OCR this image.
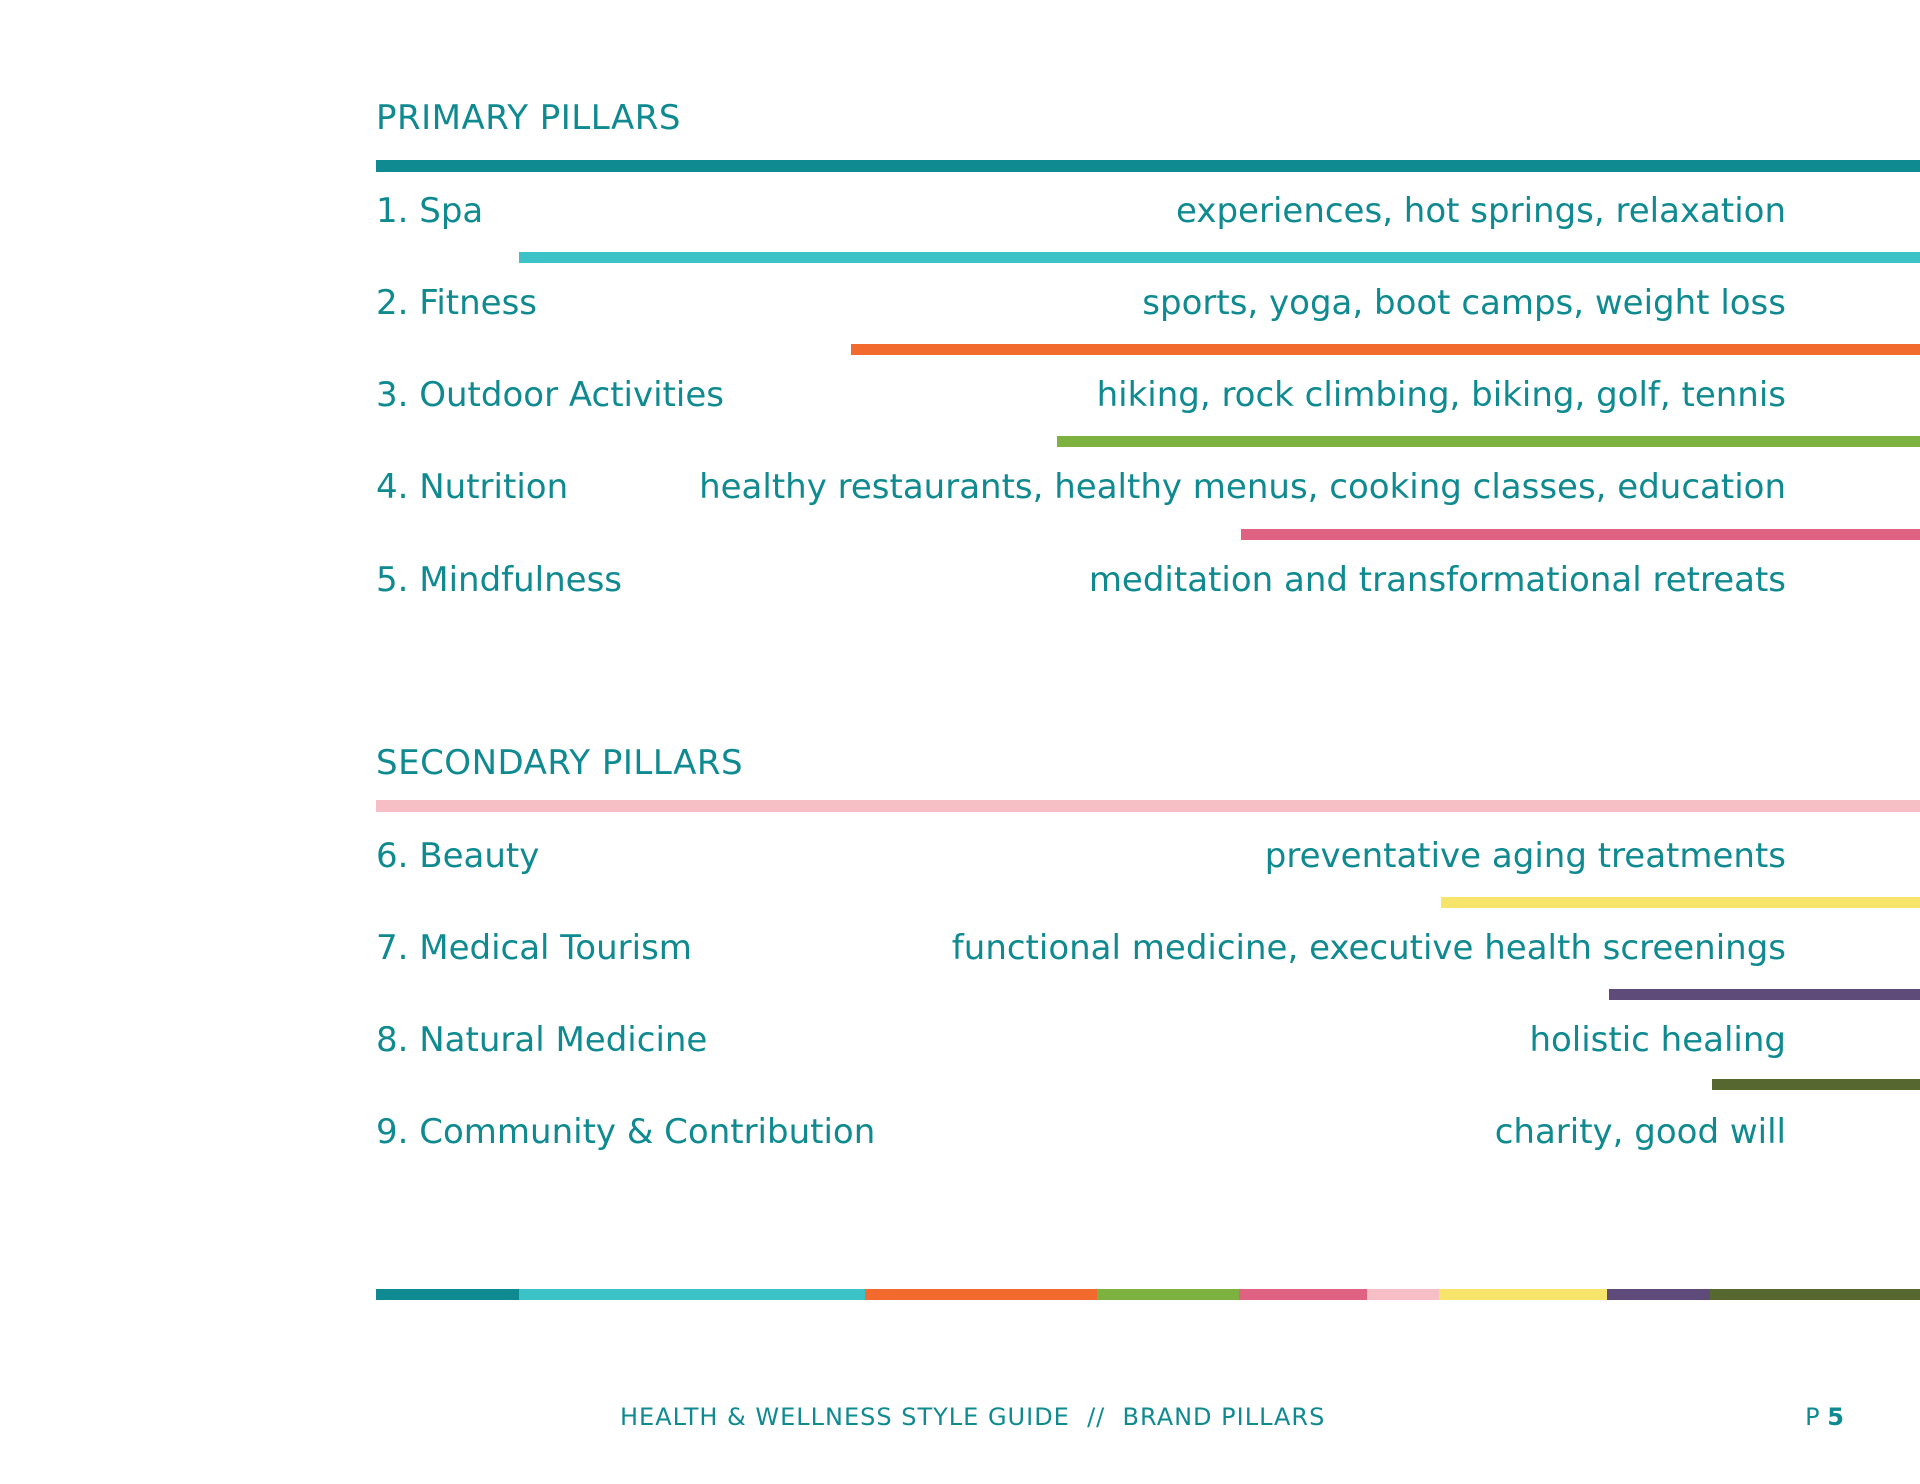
PRIMARY PILLARS
1. Spa	experiences, hot springs, relaxation
2. Fitness	sports, yoga, boot camps, weight loss
3. Outdoor Activities	hiking, rock climbing, biking, golf, tennis
4. Nutrition	healthy restaurants, healthy menus, cooking classes, education
5. Mindfulness	meditation and transformational retreats
SECONDARY PILLARS
6. Beauty	preventative aging treatments
7. Medical Tourism	functional medicine, executive health screenings
8. Natural Medicine	holistic healing
9. Community & Contribution	charity, good will
HEALTH & WELLNESS STYLE GUIDE  //  BRAND PILLARS	P 5
